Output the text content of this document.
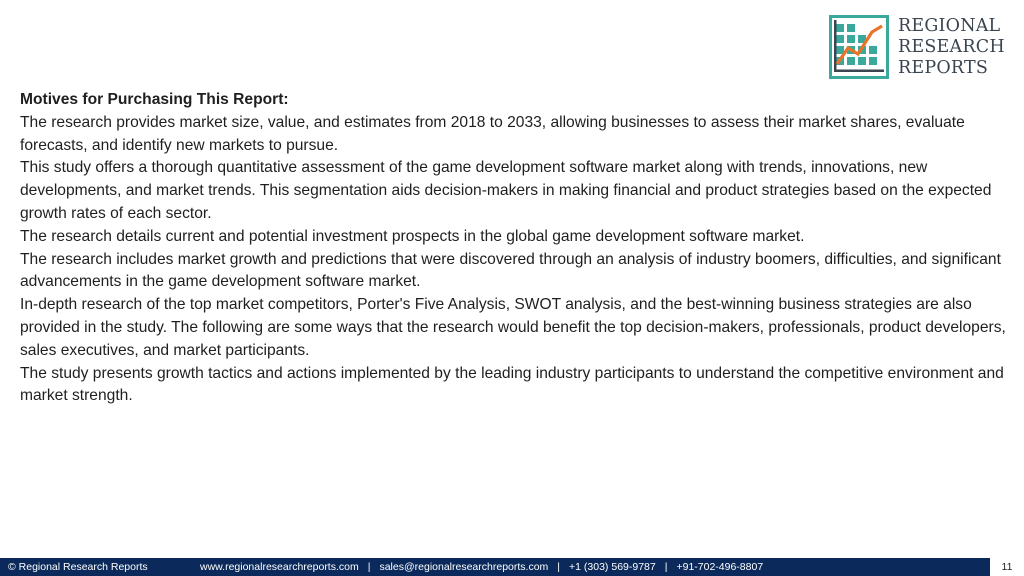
REGIONAL
RESEARCH
REPORTS
Motives for Purchasing This Report:

The research provides market size, value, and estimates from 2018 to 2033, allowing businesses to assess their market shares, evaluate forecasts, and identify new markets to pursue.

This study offers a thorough quantitative assessment of the game development software market along with trends, innovations, new developments, and market trends. This segmentation aids decision-makers in making financial and product strategies based on the expected growth rates of each sector.

The research details current and potential investment prospects in the global game development software market.

The research includes market growth and predictions that were discovered through an analysis of industry boomers, difficulties, and significant advancements in the game development software market.

In-depth research of the top market competitors, Porter's Five Analysis, SWOT analysis, and the best-winning business strategies are also provided in the study. The following are some ways that the research would benefit the top decision-makers, professionals, product developers, sales executives, and market participants.

The study presents growth tactics and actions implemented by the leading industry participants to understand the competitive environment and market strength.

© Regional Research Reports	www.regionalresearchreports.com | sales@regionalresearchreports.com | +1 (303) 569-9787 | +91-702-496-8807	11
